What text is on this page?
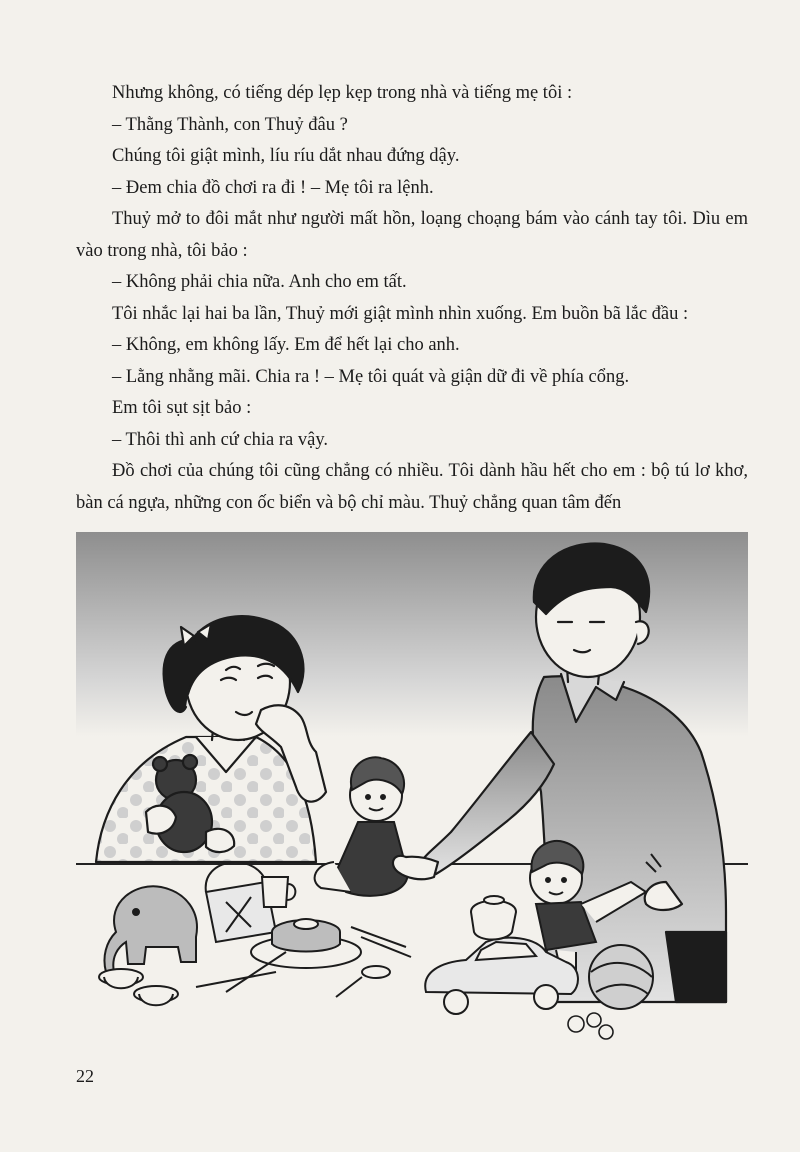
Nhưng không, có tiếng dép lẹp kẹp trong nhà và tiếng mẹ tôi :

– Thằng Thành, con Thuỷ đâu ?

Chúng tôi giật mình, líu ríu dắt nhau đứng dậy.

– Đem chia đồ chơi ra đi ! – Mẹ tôi ra lệnh.

Thuỷ mở to đôi mắt như người mất hồn, loạng choạng bám vào cánh tay tôi. Dìu em vào trong nhà, tôi bảo :

– Không phải chia nữa. Anh cho em tất.

Tôi nhắc lại hai ba lần, Thuỷ mới giật mình nhìn xuống. Em buồn bã lắc đầu :

– Không, em không lấy. Em để hết lại cho anh.

– Lằng nhằng mãi. Chia ra ! – Mẹ tôi quát và giận dữ đi về phía cổng.

Em tôi sụt sịt bảo :

– Thôi thì anh cứ chia ra vậy.

Đồ chơi của chúng tôi cũng chẳng có nhiều. Tôi dành hầu hết cho em : bộ tú lơ khơ, bàn cá ngựa, những con ốc biển và bộ chỉ màu. Thuỷ chẳng quan tâm đến

22
